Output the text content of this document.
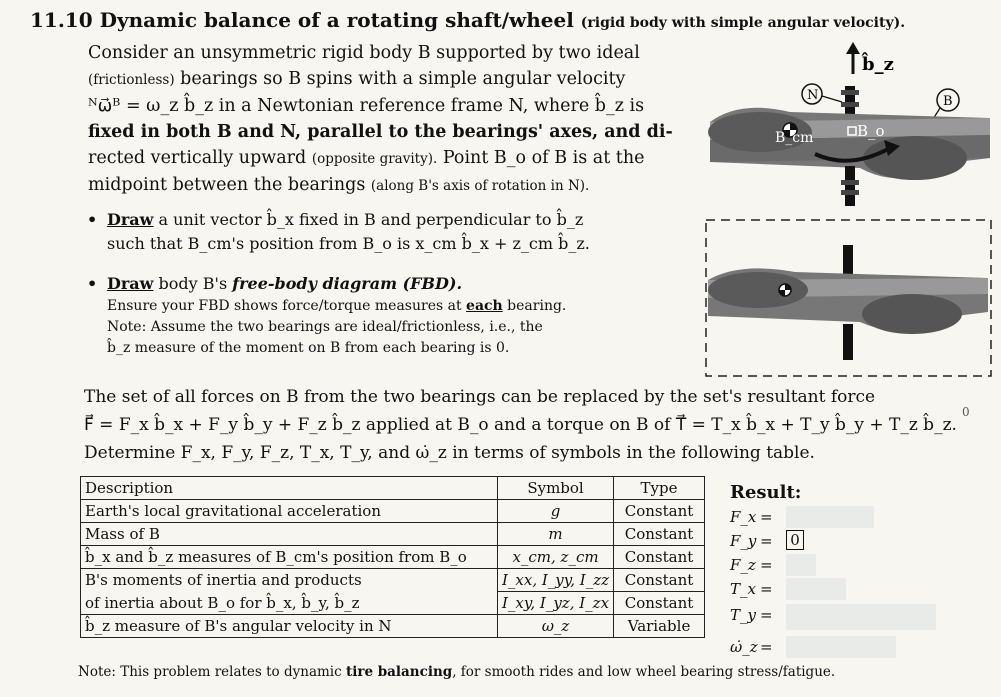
11.10 Dynamic balance of a rotating shaft/wheel (rigid body with simple angular velocity).
Consider an unsymmetric rigid body B supported by two ideal
(frictionless) bearings so B spins with a simple angular velocity
ᴺω⃗ᴮ = ω_z b̂_z in a Newtonian reference frame N, where b̂_z is
fixed in both B and N, parallel to the bearings' axes, and di-
rected vertically upward (opposite gravity). Point B_o of B is at the
midpoint between the bearings (along B's axis of rotation in N).
• Draw a unit vector b̂_x fixed in B and perpendicular to b̂_z
such that B_cm's position from B_o is x_cm b̂_x + z_cm b̂_z.
• Draw body B's free-body diagram (FBD).
Ensure your FBD shows force/torque measures at each bearing.
Note: Assume the two bearings are ideal/frictionless, i.e., the
b̂_z measure of the moment on B from each bearing is 0.
b̂_z
N	B
B_cm	B_o
The set of all forces on B from the two bearings can be replaced by the set's resultant force
F⃗ = F_x b̂_x + F_y b̂_y + F_z b̂_z applied at B_o and a torque on B of T⃗ = T_x b̂_x + T_y b̂_y + T_z b̂_z.
Determine F_x, F_y, F_z, T_x, T_y, and ω̇_z in terms of symbols in the following table.
0
Description	Symbol	Type
Earth's local gravitational acceleration	g	Constant
Mass of B	m	Constant
b̂_x and b̂_z measures of B_cm's position from B_o	x_cm, z_cm	Constant
B's moments of inertia and products	I_xx, I_yy, I_zz	Constant
of inertia about B_o for b̂_x, b̂_y, b̂_z	I_xy, I_yz, I_zx	Constant
b̂_z measure of B's angular velocity in N	ω_z	Variable
Result:
F_x =
F_y = 0
F_z =
T_x =
T_y =
ω̇_z =
Note: This problem relates to dynamic tire balancing, for smooth rides and low wheel bearing stress/fatigue.
